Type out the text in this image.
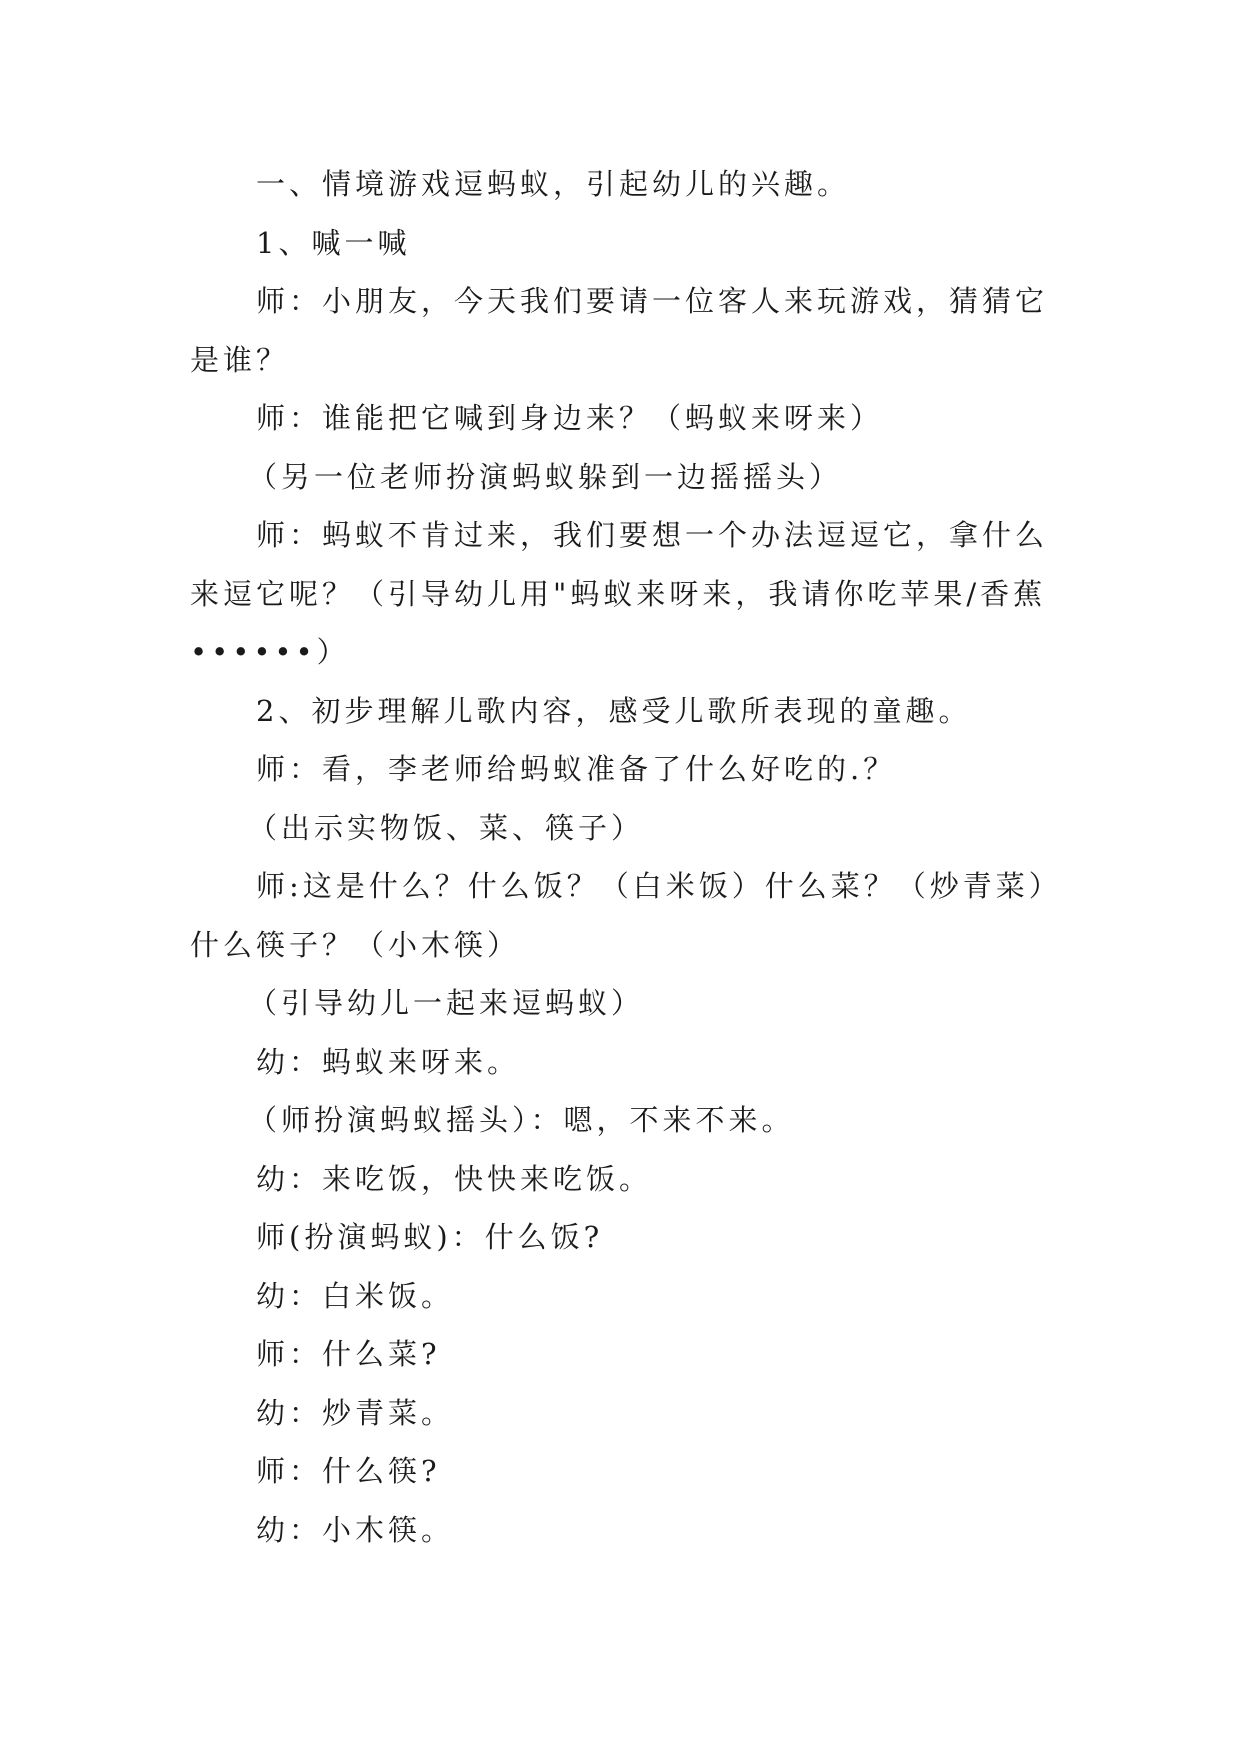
一、情境游戏逗蚂蚁，引起幼儿的兴趣。

1、喊一喊

师：小朋友，今天我们要请一位客人来玩游戏，猜猜它是谁？

师：谁能把它喊到身边来？（蚂蚁来呀来）

（另一位老师扮演蚂蚁躲到一边摇摇头）

师：蚂蚁不肯过来，我们要想一个办法逗逗它，拿什么来逗它呢？（引导幼儿用"蚂蚁来呀来，我请你吃苹果/香蕉••••••）

2、初步理解儿歌内容，感受儿歌所表现的童趣。

师：看，李老师给蚂蚁准备了什么好吃的.？

（出示实物饭、菜、筷子）

师:这是什么？什么饭？（白米饭）什么菜？（炒青菜）什么筷子？（小木筷）

（引导幼儿一起来逗蚂蚁）

幼：蚂蚁来呀来。

（师扮演蚂蚁摇头）：嗯，不来不来。

幼：来吃饭，快快来吃饭。

师(扮演蚂蚁)：什么饭?

幼：白米饭。

师：什么菜?

幼：炒青菜。

师：什么筷?

幼：小木筷。
